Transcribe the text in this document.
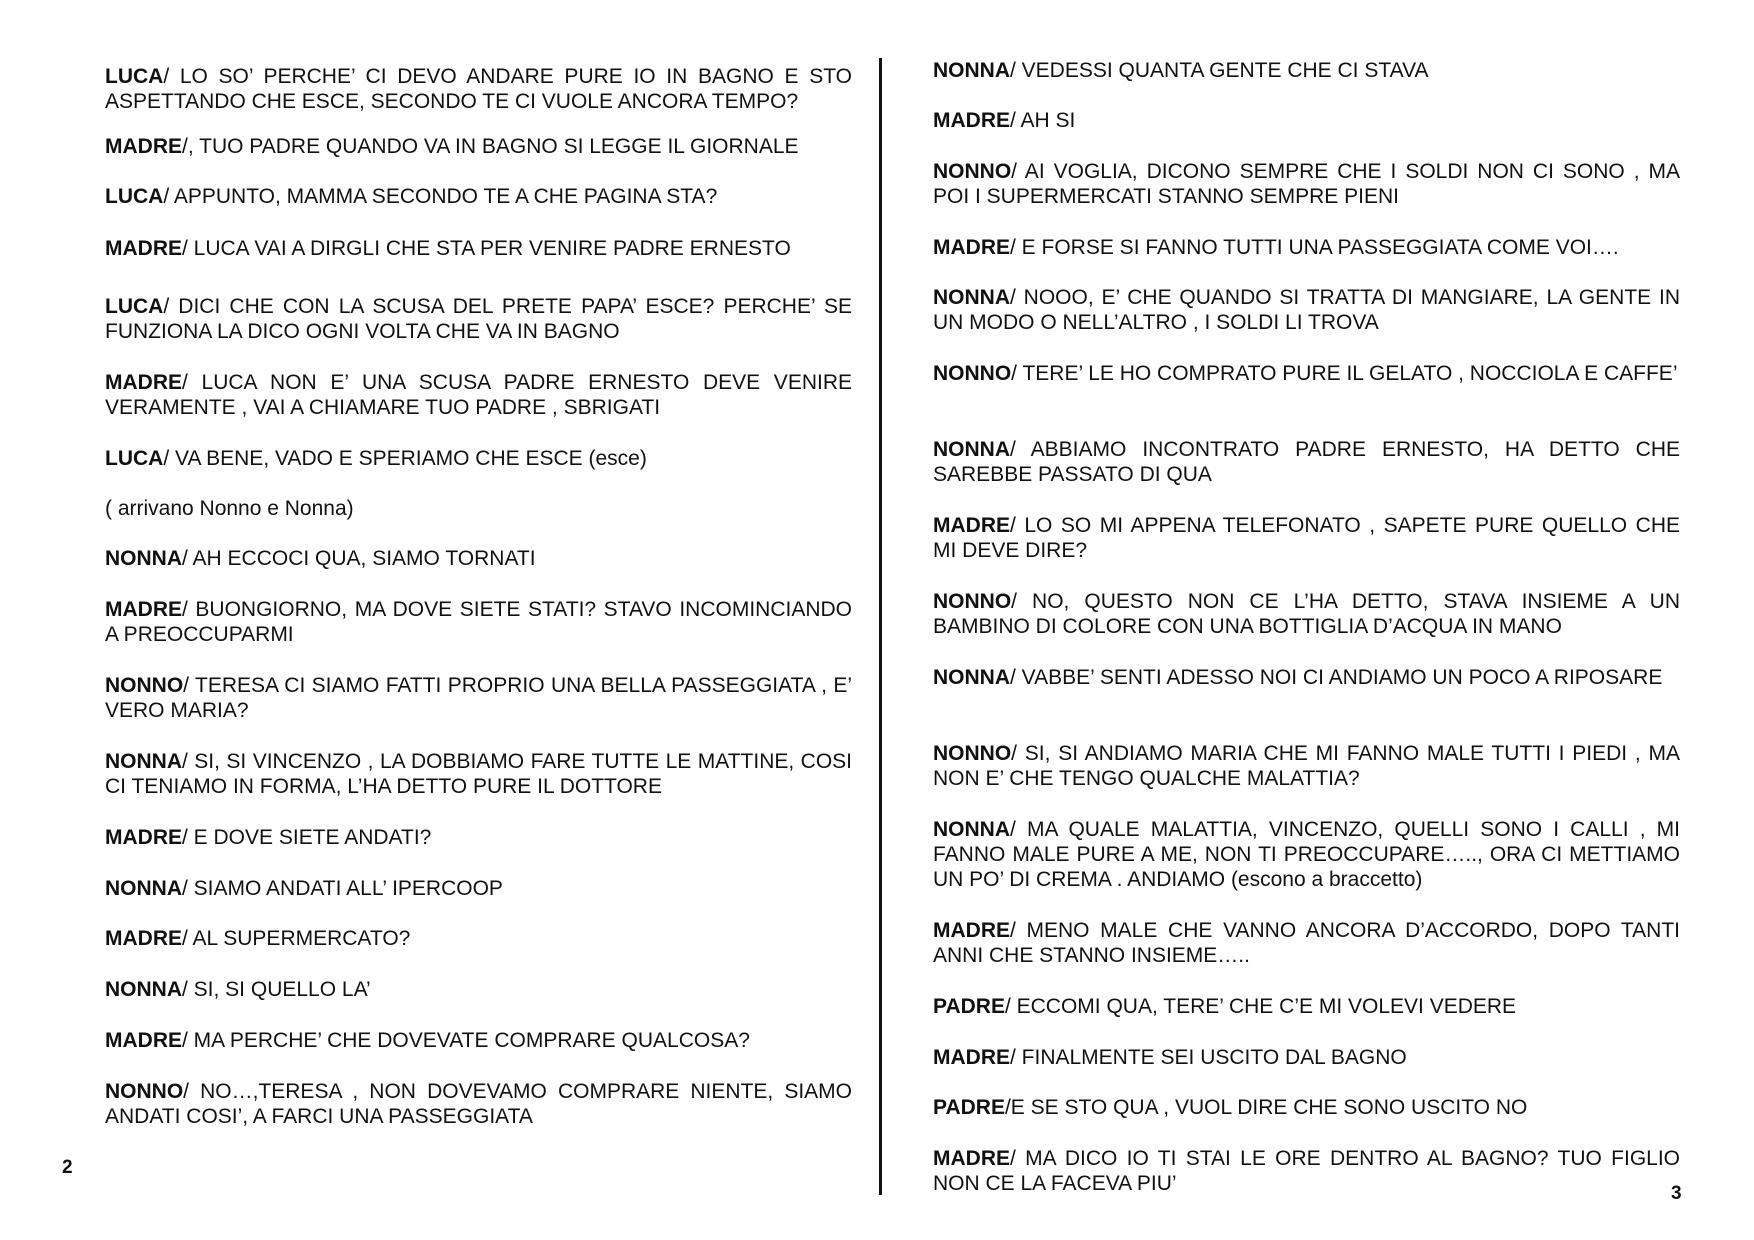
LUCA/ LO SO’ PERCHE’ CI DEVO ANDARE PURE IO IN BAGNO E STO ASPETTANDO CHE ESCE, SECONDO TE CI VUOLE ANCORA TEMPO?

MADRE/, TUO PADRE QUANDO VA IN BAGNO SI LEGGE IL GIORNALE

LUCA/ APPUNTO, MAMMA SECONDO TE A CHE PAGINA STA?

MADRE/ LUCA VAI A DIRGLI CHE STA PER VENIRE PADRE ERNESTO

LUCA/ DICI CHE CON LA SCUSA DEL PRETE PAPA’ ESCE? PERCHE’ SE FUNZIONA LA DICO OGNI VOLTA CHE VA IN BAGNO

MADRE/ LUCA NON E’ UNA SCUSA PADRE ERNESTO DEVE VENIRE VERAMENTE , VAI A CHIAMARE TUO PADRE , SBRIGATI

LUCA/ VA BENE, VADO E SPERIAMO CHE ESCE (esce)

( arrivano Nonno e Nonna)

NONNA/ AH ECCOCI QUA, SIAMO TORNATI

MADRE/ BUONGIORNO, MA DOVE SIETE STATI? STAVO INCOMINCIANDO A PREOCCUPARMI

NONNO/ TERESA CI SIAMO FATTI PROPRIO UNA BELLA PASSEGGIATA , E’ VERO MARIA?

NONNA/ SI, SI VINCENZO , LA DOBBIAMO FARE TUTTE LE MATTINE, COSI CI TENIAMO IN FORMA, L’HA DETTO PURE IL DOTTORE

MADRE/ E DOVE SIETE ANDATI?

NONNA/ SIAMO ANDATI ALL’ IPERCOOP

MADRE/ AL SUPERMERCATO?

NONNA/ SI, SI QUELLO LA’

MADRE/ MA PERCHE’ CHE DOVEVATE COMPRARE QUALCOSA?

NONNO/ NO…,TERESA , NON DOVEVAMO COMPRARE NIENTE, SIAMO ANDATI COSI’, A FARCI UNA PASSEGGIATA

NONNA/ VEDESSI QUANTA GENTE CHE CI STAVA

MADRE/ AH SI

NONNO/ AI VOGLIA, DICONO SEMPRE CHE I SOLDI NON CI SONO , MA POI I SUPERMERCATI STANNO SEMPRE PIENI

MADRE/ E FORSE SI FANNO TUTTI UNA PASSEGGIATA COME VOI….

NONNA/ NOOO, E’ CHE QUANDO SI TRATTA DI MANGIARE, LA GENTE IN UN MODO O NELL’ALTRO , I SOLDI LI TROVA

NONNO/ TERE’ LE HO COMPRATO PURE IL GELATO , NOCCIOLA E CAFFE’

NONNA/ ABBIAMO INCONTRATO PADRE ERNESTO, HA DETTO CHE SAREBBE PASSATO DI QUA

MADRE/ LO SO MI APPENA TELEFONATO , SAPETE PURE QUELLO CHE MI DEVE DIRE?

NONNO/ NO, QUESTO NON CE L’HA DETTO, STAVA INSIEME A UN BAMBINO DI COLORE CON UNA BOTTIGLIA D’ACQUA IN MANO

NONNA/ VABBE’ SENTI ADESSO NOI CI ANDIAMO UN POCO A RIPOSARE

NONNO/ SI, SI ANDIAMO MARIA CHE MI FANNO MALE TUTTI I PIEDI , MA NON E’ CHE TENGO QUALCHE MALATTIA?

NONNA/ MA QUALE MALATTIA, VINCENZO, QUELLI SONO I CALLI , MI FANNO MALE PURE A ME, NON TI PREOCCUPARE….., ORA CI METTIAMO UN PO’ DI CREMA . ANDIAMO (escono a braccetto)

MADRE/ MENO MALE CHE VANNO ANCORA D’ACCORDO, DOPO TANTI ANNI CHE STANNO INSIEME…..

PADRE/ ECCOMI QUA, TERE’ CHE C’E MI VOLEVI VEDERE

MADRE/ FINALMENTE SEI USCITO DAL BAGNO

PADRE/E SE STO QUA , VUOL DIRE CHE SONO USCITO NO

MADRE/ MA DICO IO TI STAI LE ORE DENTRO AL BAGNO? TUO FIGLIO NON CE LA FACEVA PIU’

2
3
